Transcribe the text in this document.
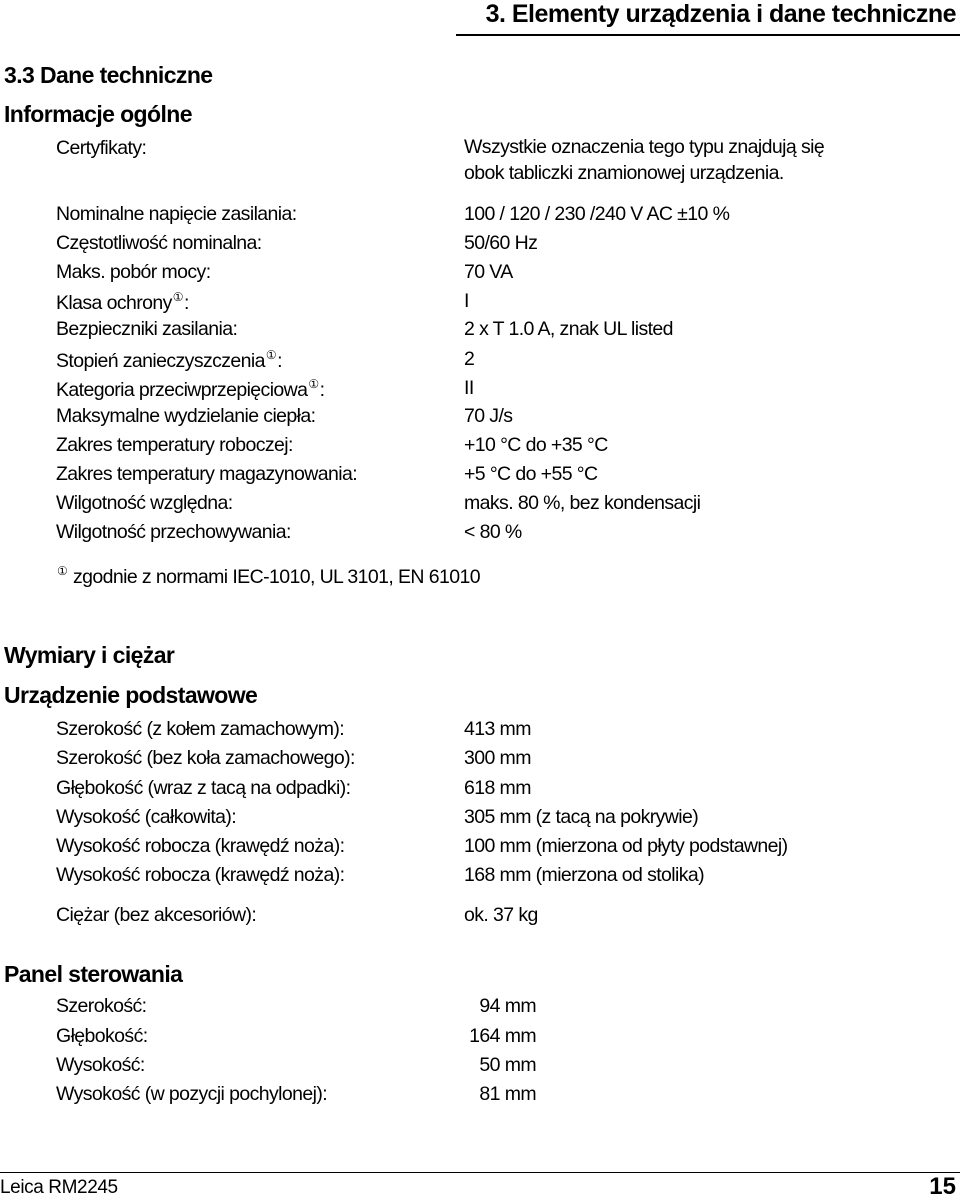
3. Elementy urządzenia i dane techniczne
3.3 Dane techniczne
Informacje ogólne
Certyfikaty:	Wszystkie oznaczenia tego typu znajdują się
obok tabliczki znamionowej urządzenia.
Nominalne napięcie zasilania:	100 / 120 / 230 /240 V AC ±10 %
Częstotliwość nominalna:	50/60 Hz
Maks. pobór mocy:	70 VA
Klasa ochrony①:	I
Bezpieczniki zasilania:	2 x T 1.0 A, znak UL listed
Stopień zanieczyszczenia①:	2
Kategoria przeciwprzepięciowa①:	II
Maksymalne wydzielanie ciepła:	70 J/s
Zakres temperatury roboczej:	+10 °C do +35 °C
Zakres temperatury magazynowania:	+5 °C do +55 °C
Wilgotność względna:	maks. 80 %, bez kondensacji
Wilgotność przechowywania:	< 80 %
① zgodnie z normami IEC-1010, UL 3101, EN 61010
Wymiary i ciężar
Urządzenie podstawowe
Szerokość (z kołem zamachowym):	413 mm
Szerokość (bez koła zamachowego):	300 mm
Głębokość (wraz z tacą na odpadki):	618 mm
Wysokość (całkowita):	305 mm (z tacą na pokrywie)
Wysokość robocza (krawędź noża):	100 mm (mierzona od płyty podstawnej)
Wysokość robocza (krawędź noża):	168 mm (mierzona od stolika)
Ciężar (bez akcesoriów):	ok. 37 kg
Panel sterowania
Szerokość:	94 mm
Głębokość:	164 mm
Wysokość:	50 mm
Wysokość (w pozycji pochylonej):	81 mm
Leica RM2245	15
